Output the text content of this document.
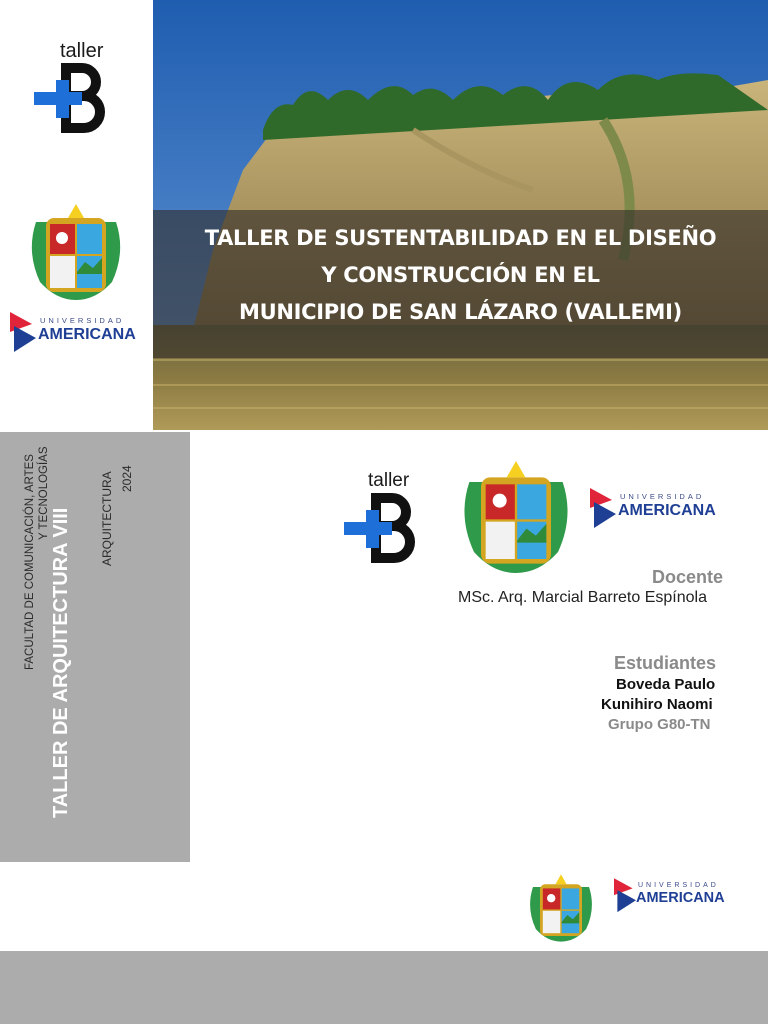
taller
UNIVERSIDAD
AMERICANA
TALLER DE SUSTENTABILIDAD EN EL DISEÑO
Y CONSTRUCCIÓN EN EL
MUNICIPIO DE SAN LÁZARO (VALLEMI)
TALLER DE ARQUITECTURA VIII
FACULTAD DE COMUNICACIÓN, ARTES Y TECNOLOGÍAS	ARQUITECTURA 2024	taller
UNIVERSIDAD
AMERICANA
Docente
MSc. Arq. Marcial Barreto Espínola
Estudiantes
Boveda Paulo
Kunihiro Naomi
Grupo G80-TN
UNIVERSIDAD
AMERICANA
